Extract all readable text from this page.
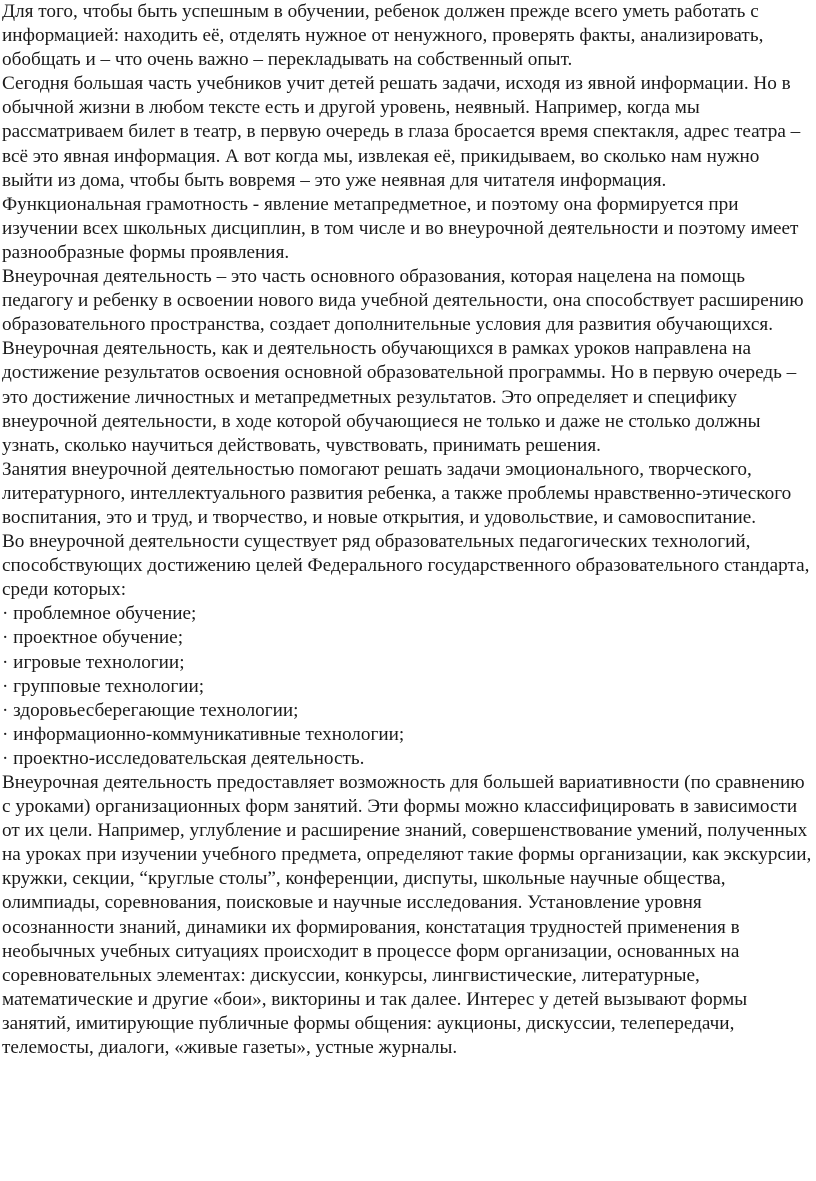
Для того, чтобы быть успешным в обучении, ребенок должен прежде всего уметь работать с информацией: находить её, отделять нужное от ненужного, проверять факты, анализировать, обобщать и – что очень важно – перекладывать на собственный опыт.

Сегодня большая часть учебников учит детей решать задачи, исходя из явной информации. Но в обычной жизни в любом тексте есть и другой уровень, неявный. Например, когда мы рассматриваем билет в театр, в первую очередь в глаза бросается время спектакля, адрес театра – всё это явная информация. А вот когда мы, извлекая её, прикидываем, во сколько нам нужно выйти из дома, чтобы быть вовремя – это уже неявная для читателя информация.

Функциональная грамотность - явление метапредметное, и поэтому она формируется при изучении всех школьных дисциплин, в том числе и во внеурочной деятельности и поэтому имеет разнообразные формы проявления.

Внеурочная деятельность – это часть основного образования, которая нацелена на помощь педагогу и ребенку в освоении нового вида учебной деятельности, она способствует расширению образовательного пространства, создает дополнительные условия для развития обучающихся.

Внеурочная деятельность, как и деятельность обучающихся в рамках уроков направлена на достижение результатов освоения основной образовательной программы. Но в первую очередь – это достижение личностных и метапредметных результатов. Это определяет и специфику внеурочной деятельности, в ходе которой обучающиеся не только и даже не столько должны узнать, сколько научиться действовать, чувствовать, принимать решения.

Занятия внеурочной деятельностью помогают решать задачи эмоционального, творческого, литературного, интеллектуального развития ребенка, а также проблемы нравственно-этического воспитания, это и труд, и творчество, и новые открытия, и удовольствие, и самовоспитание.

Во внеурочной деятельности существует ряд образовательных педагогических технологий, способствующих достижению целей Федерального государственного образовательного стандарта, среди которых:

· проблемное обучение;

· проектное обучение;

· игровые технологии;

· групповые технологии;

· здоровьесберегающие технологии;

· информационно-коммуникативные технологии;

· проектно-исследовательская деятельность.

Внеурочная деятельность предоставляет возможность для большей вариативности (по сравнению с уроками) организационных форм занятий. Эти формы можно классифицировать в зависимости от их цели. Например, углубление и расширение знаний, совершенствование умений, полученных на уроках при изучении учебного предмета, определяют такие формы организации, как экскурсии, кружки, секции, “круглые столы”, конференции, диспуты, школьные научные общества, олимпиады, соревнования, поисковые и научные исследования. Установление уровня осознанности знаний, динамики их формирования, констатация трудностей применения в необычных учебных ситуациях происходит в процессе форм организации, основанных на соревновательных элементах: дискуссии, конкурсы, лингвистические, литературные, математические и другие «бои», викторины и так далее. Интерес у детей вызывают формы занятий, имитирующие публичные формы общения: аукционы, дискуссии, телепередачи, телемосты, диалоги, «живые газеты», устные журналы.
